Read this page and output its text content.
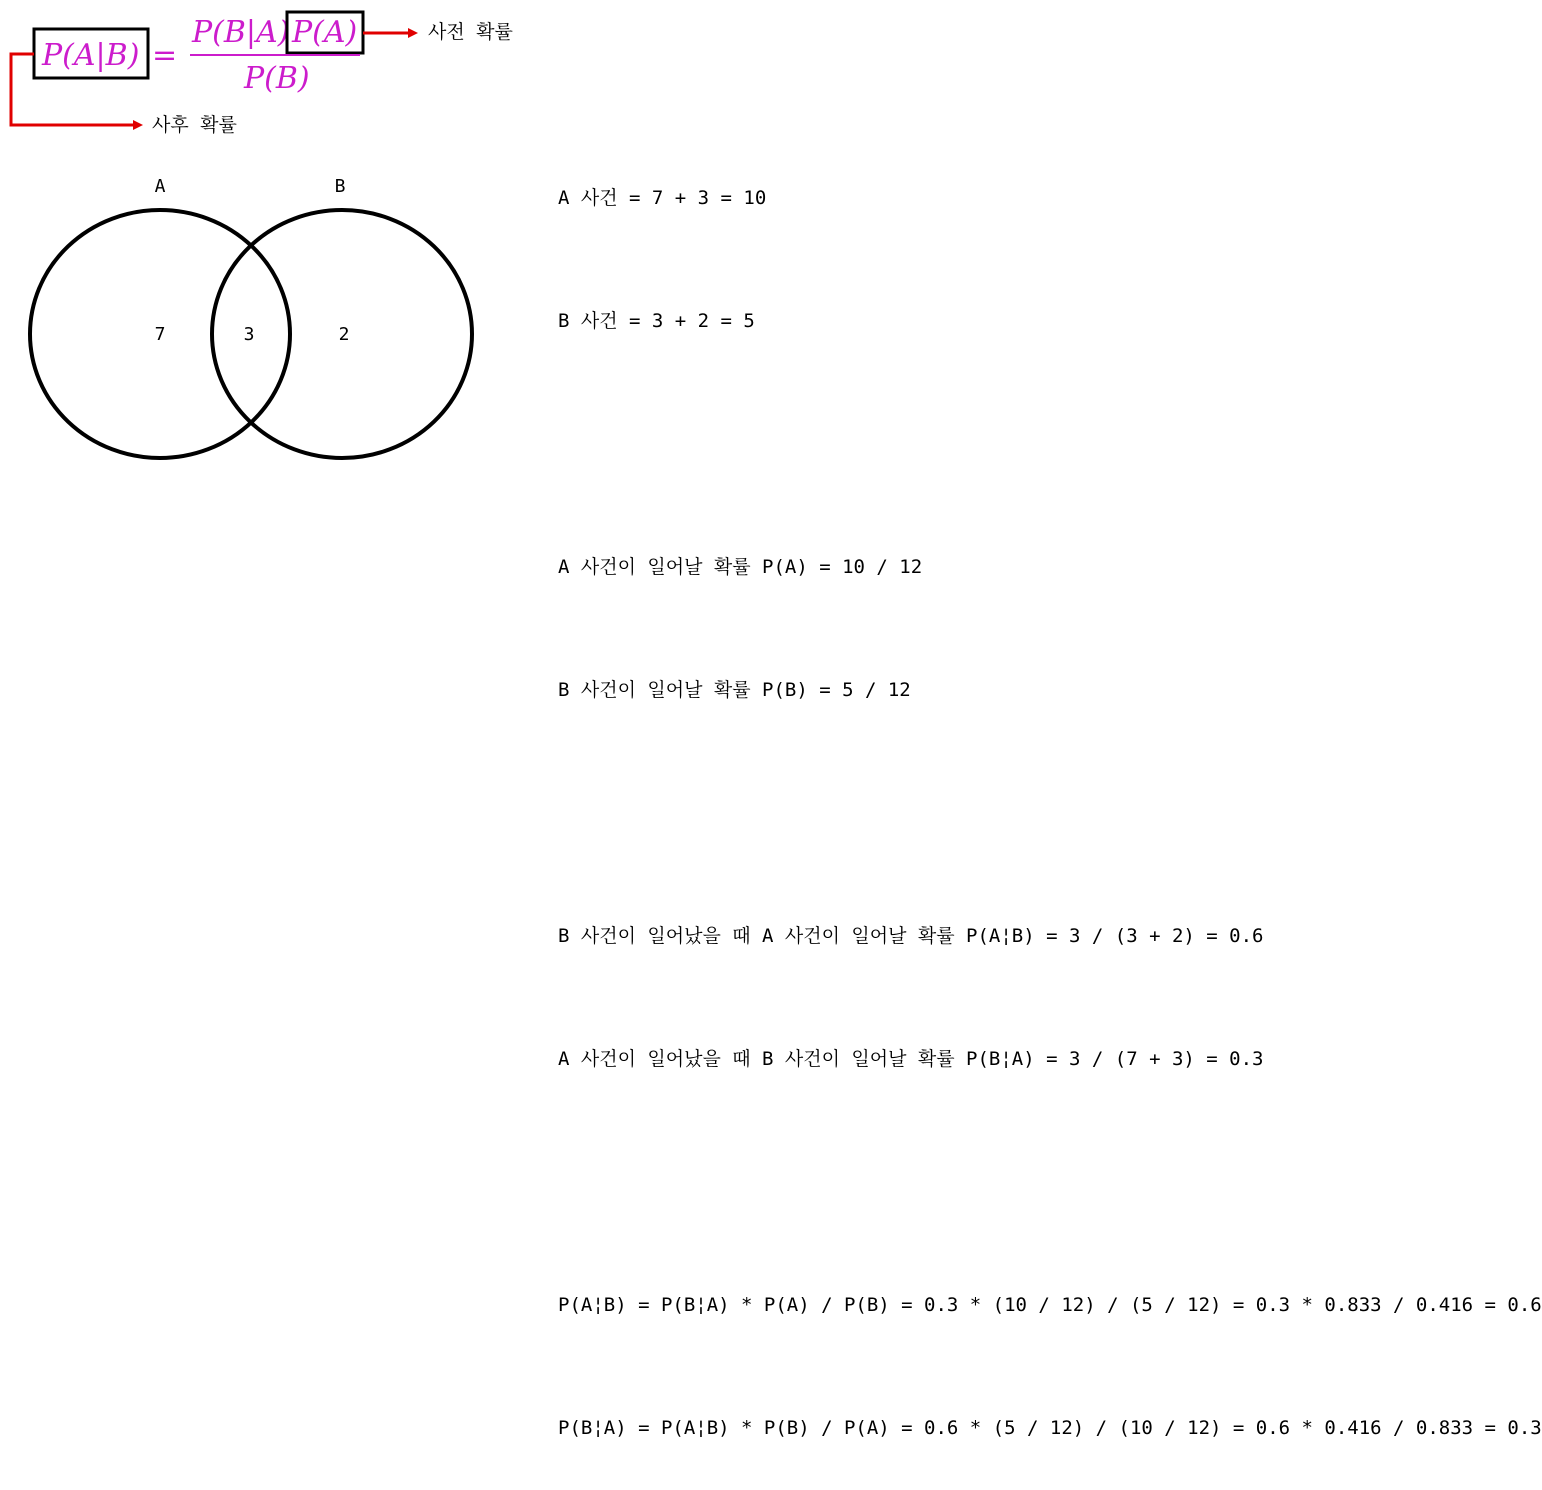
P(A|B) =
P(B|A) P(A)
P(B)
사전 확률
사후 확률
A	B
7	3	2

A 사건 = 7 + 3 = 10

B 사건 = 3 + 2 = 5

A 사건이 일어날 확률 P(A) = 10 / 12

B 사건이 일어날 확률 P(B) = 5 / 12

B 사건이 일어났을 때 A 사건이 일어날 확률 P(A¦B) = 3 / (3 + 2) = 0.6

A 사건이 일어났을 때 B 사건이 일어날 확률 P(B¦A) = 3 / (7 + 3) = 0.3

P(A¦B) = P(B¦A) * P(A) / P(B) = 0.3 * (10 / 12) / (5 / 12) = 0.3 * 0.833 / 0.416 = 0.6

P(B¦A) = P(A¦B) * P(B) / P(A) = 0.6 * (5 / 12) / (10 / 12) = 0.6 * 0.416 / 0.833 = 0.3
